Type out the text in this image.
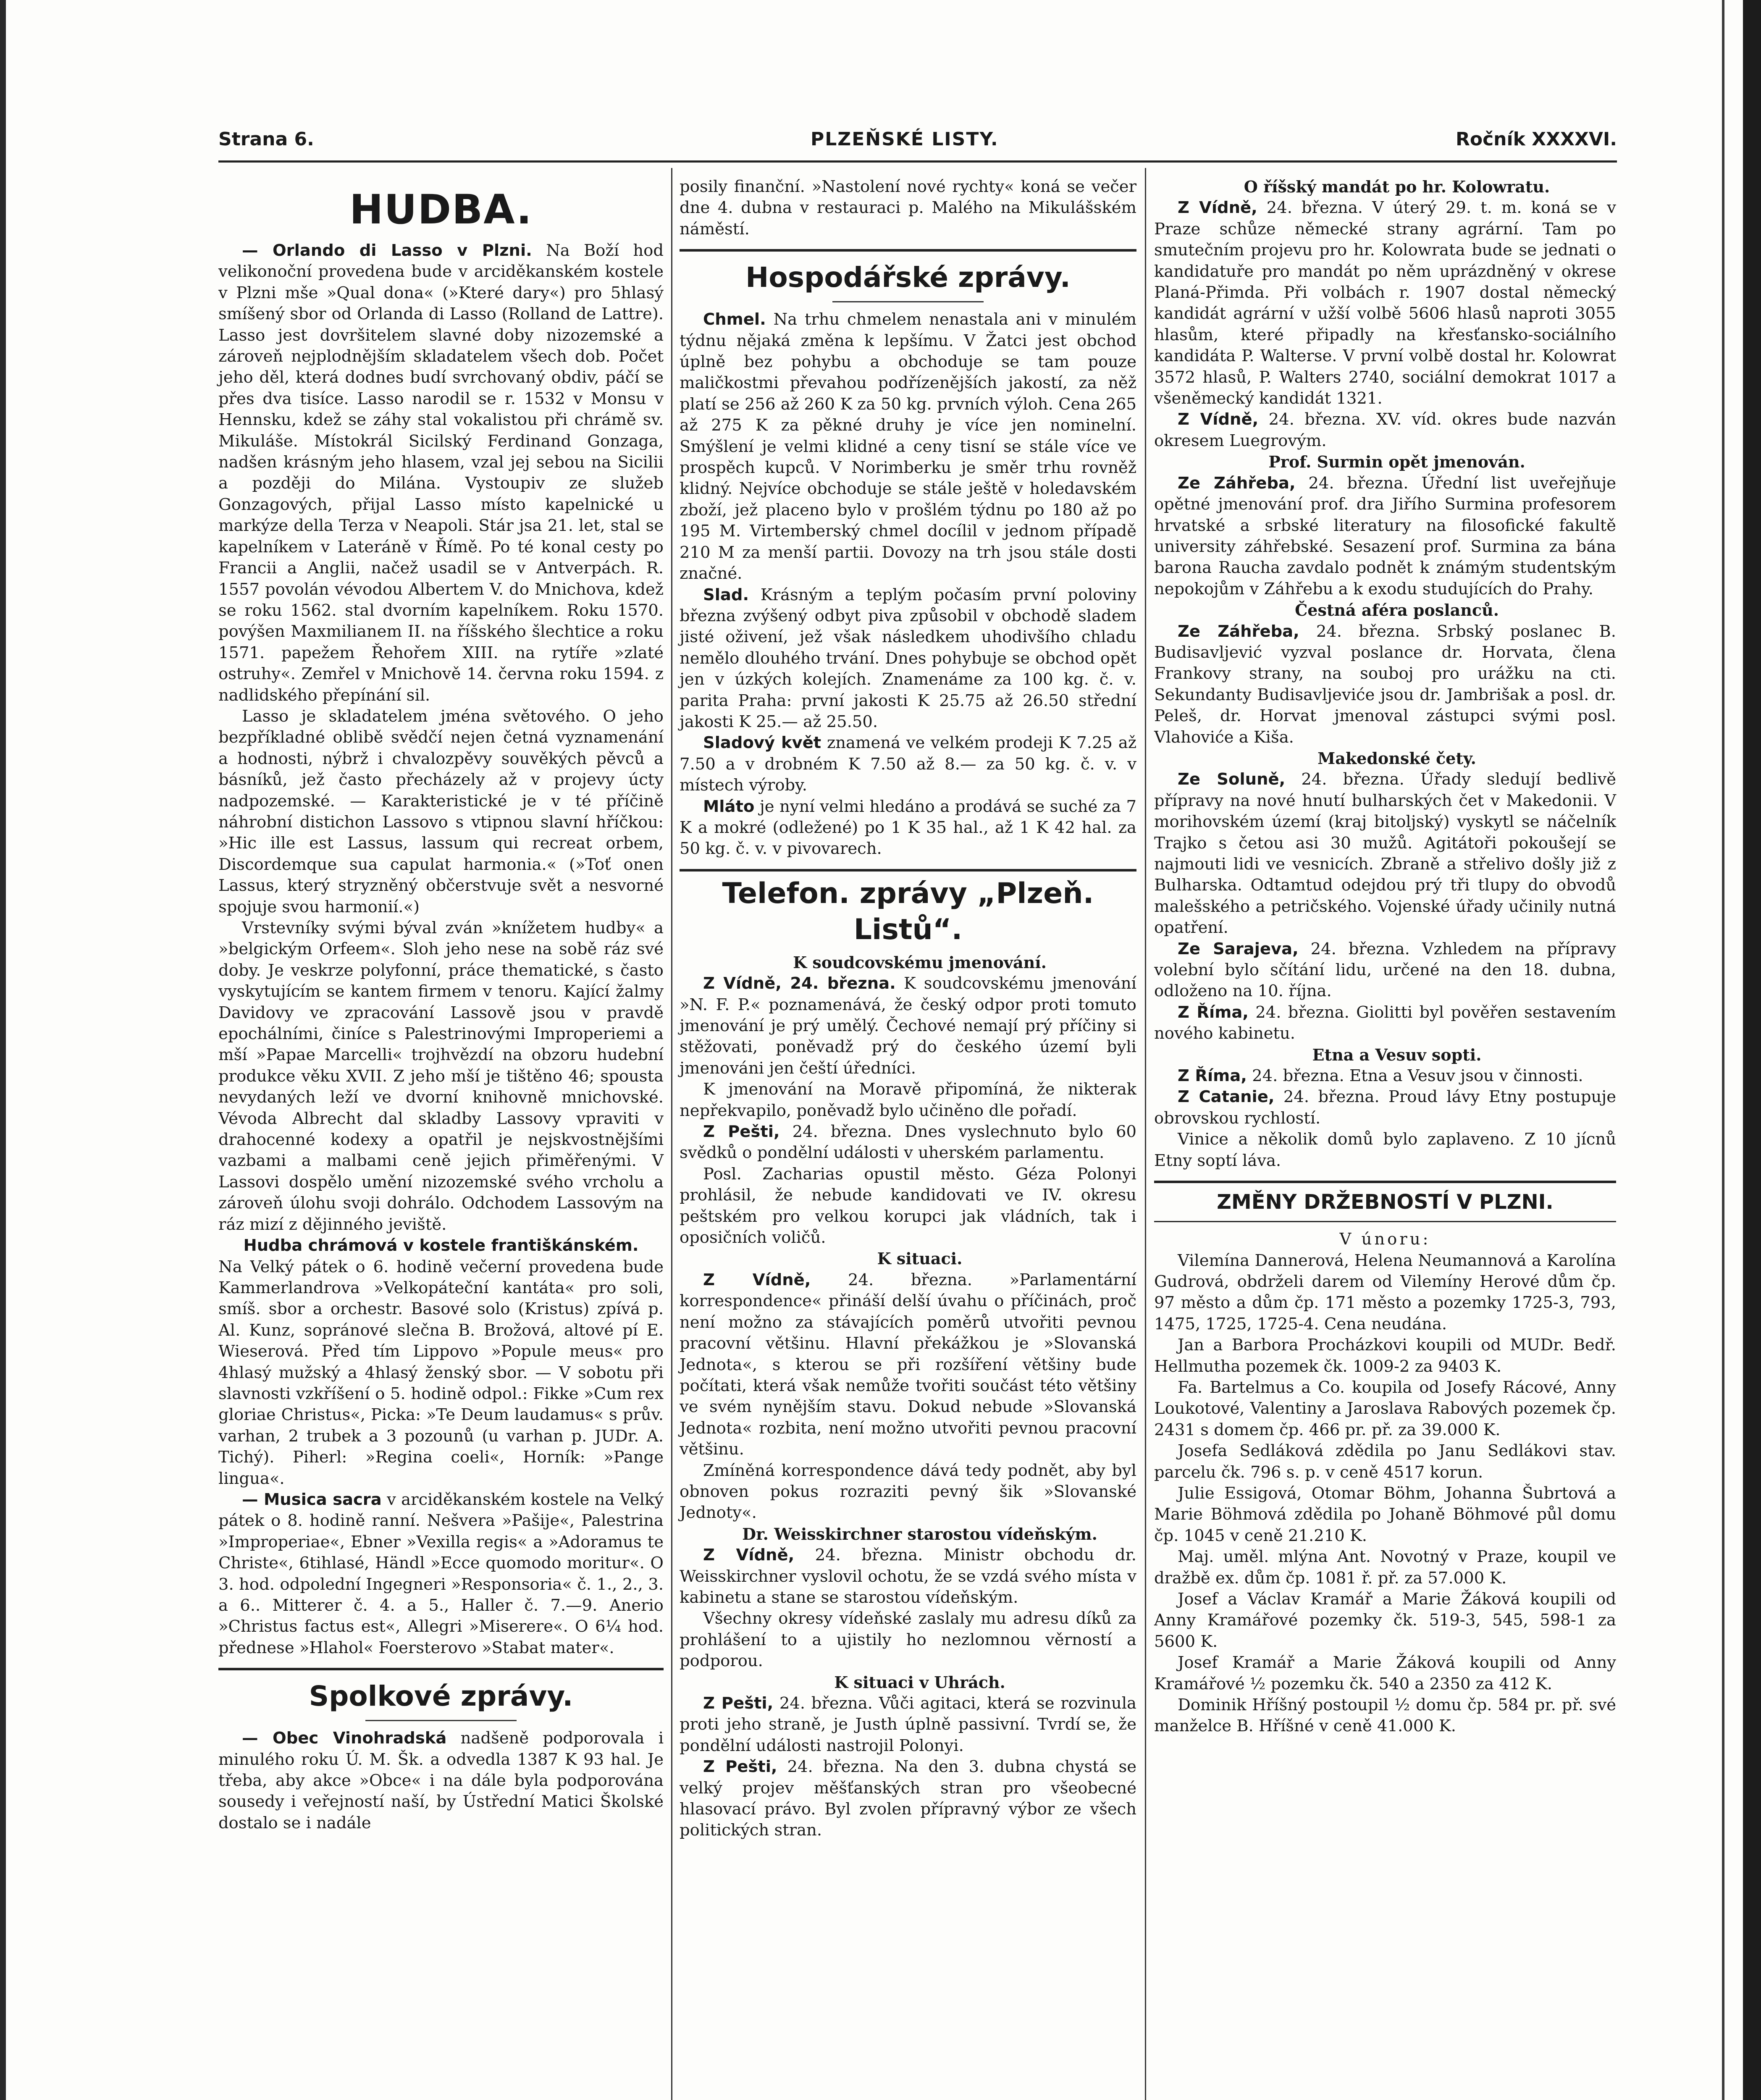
Strana 6.	PLZEŇSKÉ LISTY.	Ročník XXXXVI.
HUDBA.

— Orlando di Lasso v Plzni. Na Boží hod velikonoční provedena bude v arciděkanském kostele v Plzni mše »Qual dona« (»Které dary«) pro 5hlasý smíšený sbor od Orlanda di Lasso (Rolland de Lattre). Lasso jest dovršitelem slavné doby nizozemské a zároveň nejplodnějším skladatelem všech dob. Počet jeho děl, která dodnes budí svrchovaný obdiv, páčí se přes dva tisíce. Lasso narodil se r. 1532 v Monsu v Hennsku, kdež se záhy stal vokalistou při chrámě sv. Mikuláše. Místokrál Sicilský Ferdinand Gonzaga, nadšen krásným jeho hlasem, vzal jej sebou na Sicilii a později do Milána. Vystoupiv ze služeb Gonzagových, přijal Lasso místo kapelnické u markýze della Terza v Neapoli. Stár jsa 21. let, stal se kapelníkem v Lateráně v Římě. Po té konal cesty po Francii a Anglii, načež usadil se v Antverpách. R. 1557 povolán vévodou Albertem V. do Mnichova, kdež se roku 1562. stal dvorním kapelníkem. Roku 1570. povýšen Maxmilianem II. na říšského šlechtice a roku 1571. papežem Řehořem XIII. na rytíře »zlaté ostruhy«. Zemřel v Mnichově 14. června roku 1594. z nadlidského přepínání sil.

Lasso je skladatelem jména světového. O jeho bezpříkladné oblibě svědčí nejen četná vyznamenání a hodnosti, nýbrž i chvalozpěvy souvěkých pěvců a básníků, jež často přecházely až v projevy úcty nadpozemské. — Karakteristické je v té příčině náhrobní distichon Lassovo s vtipnou slavní hříčkou: »Hic ille est Lassus, lassum qui recreat orbem, Discordemque sua capulat harmonia.« (»Toť onen Lassus, který stryzněný občerstvuje svět a nesvorné spojuje svou harmonií.«)

Vrstevníky svými býval zván »knížetem hudby« a »belgickým Orfeem«. Sloh jeho nese na sobě ráz své doby. Je veskrze polyfonní, práce thematické, s často vyskytujícím se kantem firmem v tenoru. Kající žalmy Davidovy ve zpracování Lassově jsou v pravdě epochálními, činíce s Palestrinovými Improperiemi a mší »Papae Marcelli« trojhvězdí na obzoru hudební produkce věku XVII. Z jeho mší je tištěno 46; spousta nevydaných leží ve dvorní knihovně mnichovské. Vévoda Albrecht dal skladby Lassovy vpraviti v drahocenné kodexy a opatřil je nejskvostnějšími vazbami a malbami ceně jejich přiměřenými. V Lassovi dospělo umění nizozemské svého vrcholu a zároveň úlohu svoji dohrálo. Odchodem Lassovým na ráz mizí z dějinného jeviště.

Hudba chrámová v kostele františkánském.

Na Velký pátek o 6. hodině večerní provedena bude Kammerlandrova »Velkopáteční kantáta« pro soli, smíš. sbor a orchestr. Basové solo (Kristus) zpívá p. Al. Kunz, sopránové slečna B. Brožová, altové pí E. Wieserová. Před tím Lippovo »Popule meus« pro 4hlasý mužský a 4hlasý ženský sbor. — V sobotu při slavnosti vzkříšení o 5. hodině odpol.: Fikke »Cum rex gloriae Christus«, Picka: »Te Deum laudamus« s prův. varhan, 2 trubek a 3 pozounů (u varhan p. JUDr. A. Tichý). Piherl: »Regina coeli«, Horník: »Pange lingua«.

— Musica sacra v arciděkanském kostele na Velký pátek o 8. hodině ranní. Nešvera »Pašije«, Palestrina »Improperiae«, Ebner »Vexilla regis« a »Adoramus te Christe«, 6tihlasé, Händl »Ecce quomodo moritur«. O 3. hod. odpolední Ingegneri »Responsoria« č. 1., 2., 3. a 6.. Mitterer č. 4. a 5., Haller č. 7.—9. Anerio »Christus factus est«, Allegri »Miserere«. O 6¼ hod. přednese »Hlahol« Foersterovo »Stabat mater«.

Spolkové zprávy.

— Obec Vinohradská nadšeně podporovala i minulého roku Ú. M. Šk. a odvedla 1387 K 93 hal. Je třeba, aby akce »Obce« i na dále byla podporována sousedy i veřejností naší, by Ústřední Matici Školské dostalo se i nadále

posily finanční. »Nastolení nové rychty« koná se večer dne 4. dubna v restauraci p. Malého na Mikulášském náměstí.

Hospodářské zprávy.

Chmel. Na trhu chmelem nenastala ani v minulém týdnu nějaká změna k lepšímu. V Žatci jest obchod úplně bez pohybu a obchoduje se tam pouze maličkostmi převahou podřízenějších jakostí, za něž platí se 256 až 260 K za 50 kg. prvních výloh. Cena 265 až 275 K za pěkné druhy je více jen nominelní. Smýšlení je velmi klidné a ceny tisní se stále více ve prospěch kupců. V Norimberku je směr trhu rovněž klidný. Nejvíce obchoduje se stále ještě v holedavském zboží, jež placeno bylo v prošlém týdnu po 180 až po 195 M. Virtemberský chmel docílil v jednom případě 210 M za menší partii. Dovozy na trh jsou stále dosti značné.

Slad. Krásným a teplým počasím první poloviny března zvýšený odbyt piva způsobil v obchodě sladem jisté oživení, jež však následkem uhodivšího chladu nemělo dlouhého trvání. Dnes pohybuje se obchod opět jen v úzkých kolejích. Znamenáme za 100 kg. č. v. parita Praha: první jakosti K 25.75 až 26.50 střední jakosti K 25.— až 25.50.

Sladový květ znamená ve velkém prodeji K 7.25 až 7.50 a v drobném K 7.50 až 8.— za 50 kg. č. v. v místech výroby.

Mláto je nyní velmi hledáno a prodává se suché za 7 K a mokré (odležené) po 1 K 35 hal., až 1 K 42 hal. za 50 kg. č. v. v pivovarech.

Telefon. zprávy „Plzeň. Listů“.

K soudcovskému jmenování.

Z Vídně, 24. března. K soudcovskému jmenování »N. F. P.« poznamenává, že český odpor proti tomuto jmenování je prý umělý. Čechové nemají prý příčiny si stěžovati, poněvadž prý do českého území byli jmenováni jen čeští úředníci.

K jmenování na Moravě připomíná, že nikterak nepřekvapilo, poněvadž bylo učiněno dle pořadí.

Z Pešti, 24. března. Dnes vyslechnuto bylo 60 svědků o pondělní události v uherském parlamentu.

Posl. Zacharias opustil město. Géza Polonyi prohlásil, že nebude kandidovati ve IV. okresu peštském pro velkou korupci jak vládních, tak i oposičních voličů.

K situaci.

Z Vídně, 24. března. »Parlamentární korrespondence« přináší delší úvahu o příčinách, proč není možno za stávajících poměrů utvořiti pevnou pracovní většinu. Hlavní překážkou je »Slovanská Jednota«, s kterou se při rozšíření většiny bude počítati, která však nemůže tvořiti součást této většiny ve svém nynějším stavu. Dokud nebude »Slovanská Jednota« rozbita, není možno utvořiti pevnou pracovní většinu.

Zmíněná korrespondence dává tedy podnět, aby byl obnoven pokus rozraziti pevný šik »Slovanské Jednoty«.

Dr. Weisskirchner starostou vídeňským.

Z Vídně, 24. března. Ministr obchodu dr. Weisskirchner vyslovil ochotu, že se vzdá svého místa v kabinetu a stane se starostou vídeňským.

Všechny okresy vídeňské zaslaly mu adresu díků za prohlášení to a ujistily ho nezlomnou věrností a podporou.

K situaci v Uhrách.

Z Pešti, 24. března. Vůči agitaci, která se rozvinula proti jeho straně, je Justh úplně passivní. Tvrdí se, že pondělní události nastrojil Polonyi.

Z Pešti, 24. března. Na den 3. dubna chystá se velký projev měšťanských stran pro všeobecné hlasovací právo. Byl zvolen přípravný výbor ze všech politických stran.

O říšský mandát po hr. Kolowratu.

Z Vídně, 24. března. V úterý 29. t. m. koná se v Praze schůze německé strany agrární. Tam po smutečním projevu pro hr. Kolowrata bude se jednati o kandidatuře pro mandát po něm uprázdněný v okrese Planá-Přimda. Při volbách r. 1907 dostal německý kandidát agrární v užší volbě 5606 hlasů naproti 3055 hlasům, které připadly na křesťansko-sociálního kandidáta P. Walterse. V první volbě dostal hr. Kolowrat 3572 hlasů, P. Walters 2740, sociální demokrat 1017 a všeněmecký kandidát 1321.

Z Vídně, 24. března. XV. víd. okres bude nazván okresem Luegrovým.

Prof. Surmin opět jmenován.

Ze Záhřeba, 24. března. Úřední list uveřejňuje opětné jmenování prof. dra Jiřího Surmina profesorem hrvatské a srbské literatury na filosofické fakultě university záhřebské. Sesazení prof. Surmina za bána barona Raucha zavdalo podnět k známým studentským nepokojům v Záhřebu a k exodu studujících do Prahy.

Čestná aféra poslanců.

Ze Záhřeba, 24. března. Srbský poslanec B. Budisavljević vyzval poslance dr. Horvata, člena Frankovy strany, na souboj pro urážku na cti. Sekundanty Budisavljeviće jsou dr. Jambrišak a posl. dr. Peleš, dr. Horvat jmenoval zástupci svými posl. Vlahoviće a Kiša.

Makedonské čety.

Ze Soluně, 24. března. Úřady sledují bedlivě přípravy na nové hnutí bulharských čet v Makedonii. V morihovském území (kraj bitoljský) vyskytl se náčelník Trajko s četou asi 30 mužů. Agitátoři pokoušejí se najmouti lidi ve vesnicích. Zbraně a střelivo došly již z Bulharska. Odtamtud odejdou prý tři tlupy do obvodů malešského a petričského. Vojenské úřady učinily nutná opatření.

Ze Sarajeva, 24. března. Vzhledem na přípravy volební bylo sčítání lidu, určené na den 18. dubna, odloženo na 10. října.

Z Říma, 24. března. Giolitti byl pověřen sestavením nového kabinetu.

Etna a Vesuv sopti.

Z Říma, 24. března. Etna a Vesuv jsou v činnosti.

Z Catanie, 24. března. Proud lávy Etny postupuje obrovskou rychlostí.

Vinice a několik domů bylo zaplaveno. Z 10 jícnů Etny soptí láva.

ZMĚNY DRŽEBNOSTÍ V PLZNI.

V únoru:

Vilemína Dannerová, Helena Neumannová a Karolína Gudrová, obdrželi darem od Vilemíny Herové dům čp. 97 město a dům čp. 171 město a pozemky 1725-3, 793, 1475, 1725, 1725-4. Cena neudána.

Jan a Barbora Procházkovi koupili od MUDr. Bedř. Hellmutha pozemek čk. 1009-2 za 9403 K.

Fa. Bartelmus a Co. koupila od Josefy Rácové, Anny Loukotové, Valentiny a Jaroslava Rabových pozemek čp. 2431 s domem čp. 466 pr. př. za 39.000 K.

Josefa Sedláková zdědila po Janu Sedlákovi stav. parcelu čk. 796 s. p. v ceně 4517 korun.

Julie Essigová, Otomar Böhm, Johanna Šubrtová a Marie Böhmová zdědila po Johaně Böhmové půl domu čp. 1045 v ceně 21.210 K.

Maj. uměl. mlýna Ant. Novotný v Praze, koupil ve dražbě ex. dům čp. 1081 ř. př. za 57.000 K.

Josef a Václav Kramář a Marie Žáková koupili od Anny Kramářové pozemky čk. 519-3, 545, 598-1 za 5600 K.

Josef Kramář a Marie Žáková koupili od Anny Kramářové ½ pozemku čk. 540 a 2350 za 412 K.

Dominik Hříšný postoupil ½ domu čp. 584 pr. př. své manželce B. Hříšné v ceně 41.000 K.
